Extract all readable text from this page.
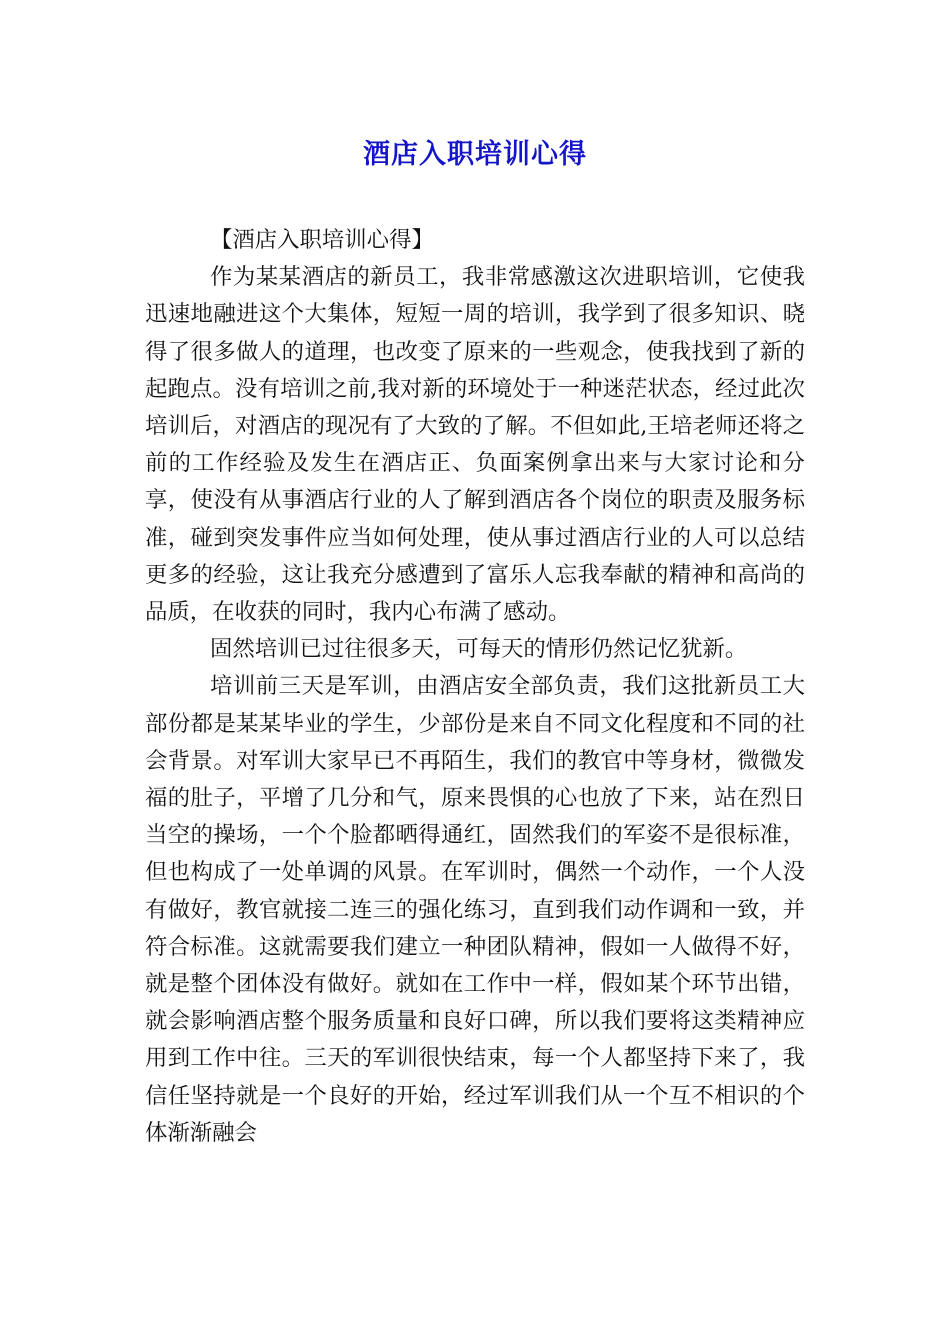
酒店入职培训心得

【酒店入职培训心得】

作为某某酒店的新员工，我非常感激这次进职培训，它使我迅速地融进这个大集体，短短一周的培训，我学到了很多知识、晓得了很多做人的道理，也改变了原来的一些观念，使我找到了新的起跑点。没有培训之前,我对新的环境处于一种迷茫状态，经过此次培训后，对酒店的现况有了大致的了解。不但如此,王培老师还将之前的工作经验及发生在酒店正、负面案例拿出来与大家讨论和分享，使没有从事酒店行业的人了解到酒店各个岗位的职责及服务标准，碰到突发事件应当如何处理，使从事过酒店行业的人可以总结更多的经验，这让我充分感遭到了富乐人忘我奉献的精神和高尚的品质，在收获的同时，我内心布满了感动。

固然培训已过往很多天，可每天的情形仍然记忆犹新。

培训前三天是军训，由酒店安全部负责，我们这批新员工大部份都是某某毕业的学生，少部份是来自不同文化程度和不同的社会背景。对军训大家早已不再陌生，我们的教官中等身材，微微发福的肚子，平增了几分和气，原来畏惧的心也放了下来，站在烈日当空的操场，一个个脸都晒得通红，固然我们的军姿不是很标准，但也构成了一处单调的风景。在军训时，偶然一个动作，一个人没有做好，教官就接二连三的强化练习，直到我们动作调和一致，并符合标准。这就需要我们建立一种团队精神，假如一人做得不好，就是整个团体没有做好。就如在工作中一样，假如某个环节出错，就会影响酒店整个服务质量和良好口碑，所以我们要将这类精神应用到工作中往。三天的军训很快结束，每一个人都坚持下来了，我信任坚持就是一个良好的开始，经过军训我们从一个互不相识的个体渐渐融会
